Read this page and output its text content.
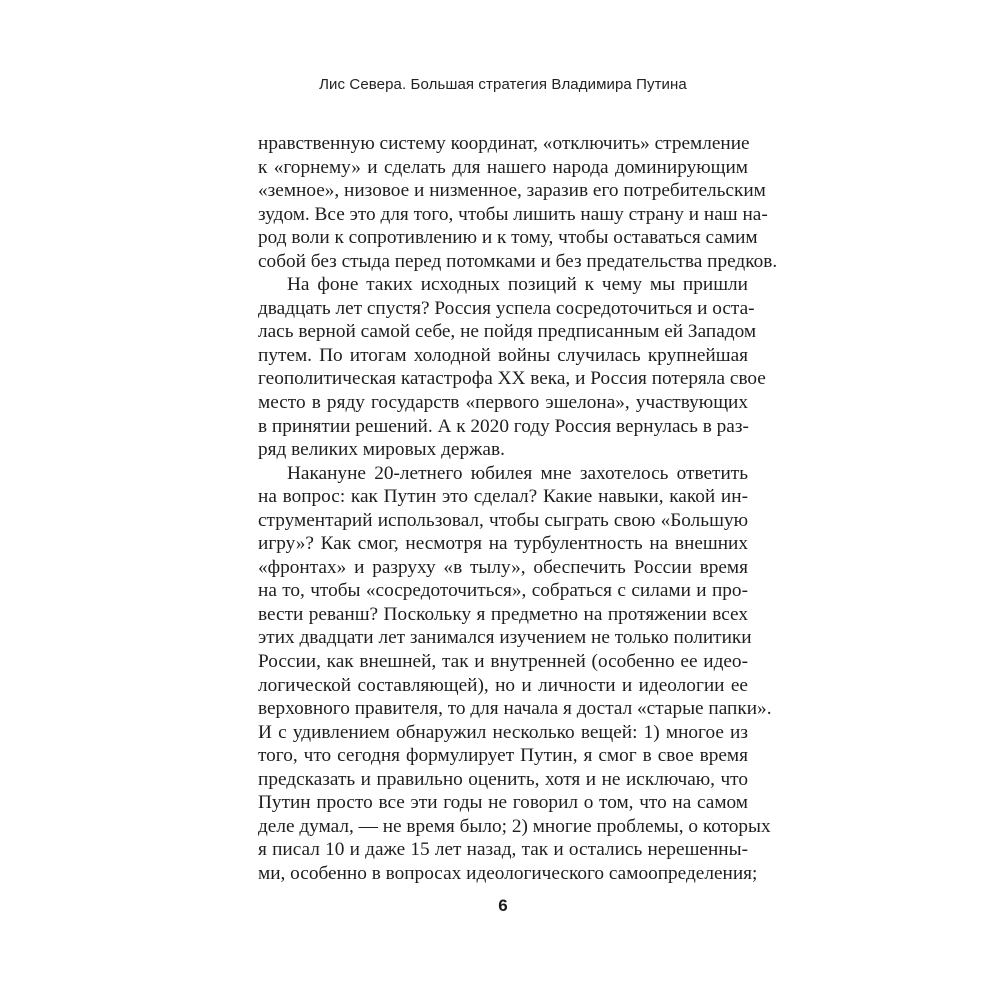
Лис Севера. Большая стратегия Владимира Путина
нравственную систему координат, «отключить» стремление
к «горнему» и сделать для нашего народа доминирующим
«земное», низовое и низменное, заразив его потребительским
зудом. Все это для того, чтобы лишить нашу страну и наш на-
род воли к сопротивлению и к тому, чтобы оставаться самим
собой без стыда перед потомками и без предательства предков.
На фоне таких исходных позиций к чему мы пришли
двадцать лет спустя? Россия успела сосредоточиться и оста-
лась верной самой себе, не пойдя предписанным ей Западом
путем. По итогам холодной войны случилась крупнейшая
геополитическая катастрофа XX века, и Россия потеряла свое
место в ряду государств «первого эшелона», участвующих
в принятии решений. А к 2020 году Россия вернулась в раз-
ряд великих мировых держав.
Накануне 20-летнего юбилея мне захотелось ответить
на вопрос: как Путин это сделал? Какие навыки, какой ин-
струментарий использовал, чтобы сыграть свою «Большую
игру»? Как смог, несмотря на турбулентность на внешних
«фронтах» и разруху «в тылу», обеспечить России время
на то, чтобы «сосредоточиться», собраться с силами и про-
вести реванш? Поскольку я предметно на протяжении всех
этих двадцати лет занимался изучением не только политики
России, как внешней, так и внутренней (особенно ее идео-
логической составляющей), но и личности и идеологии ее
верховного правителя, то для начала я достал «старые папки».
И с удивлением обнаружил несколько вещей: 1) многое из
того, что сегодня формулирует Путин, я смог в свое время
предсказать и правильно оценить, хотя и не исключаю, что
Путин просто все эти годы не говорил о том, что на самом
деле думал, — не время было; 2) многие проблемы, о которых
я писал 10 и даже 15 лет назад, так и остались нерешенны-
ми, особенно в вопросах идеологического самоопределения;
6
